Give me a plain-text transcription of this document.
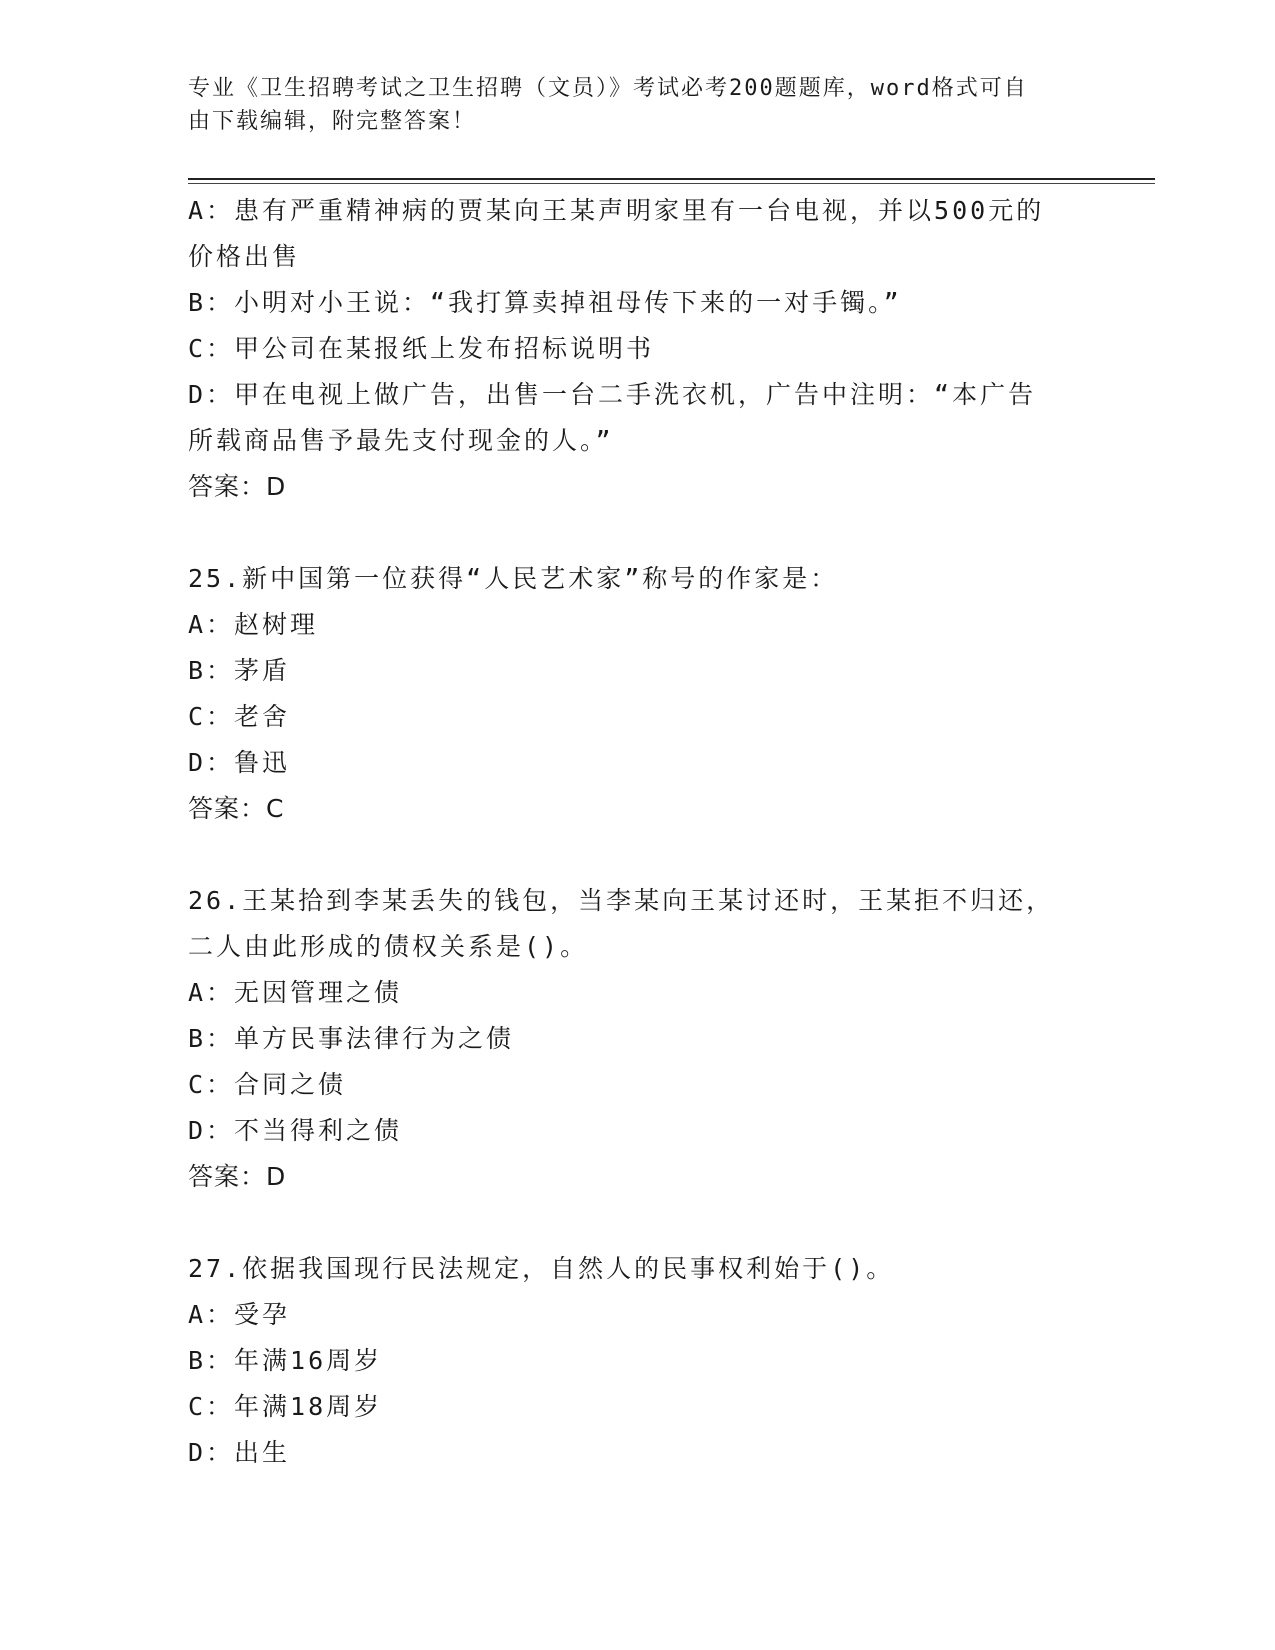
专业《卫生招聘考试之卫生招聘（文员）》考试必考200题题库，word格式可自
由下载编辑，附完整答案！
A：患有严重精神病的贾某向王某声明家里有一台电视，并以500元的
价格出售
B：小明对小王说：“我打算卖掉祖母传下来的一对手镯。”
C：甲公司在某报纸上发布招标说明书
D：甲在电视上做广告，出售一台二手洗衣机，广告中注明：“本广告
所载商品售予最先支付现金的人。”
答案：D
25.新中国第一位获得“人民艺术家”称号的作家是：
A：赵树理
B：茅盾
C：老舍
D：鲁迅
答案：C
26.王某拾到李某丢失的钱包，当李某向王某讨还时，王某拒不归还，
二人由此形成的债权关系是()。
A：无因管理之债
B：单方民事法律行为之债
C：合同之债
D：不当得利之债
答案：D
27.依据我国现行民法规定，自然人的民事权利始于()。
A：受孕
B：年满16周岁
C：年满18周岁
D：出生
